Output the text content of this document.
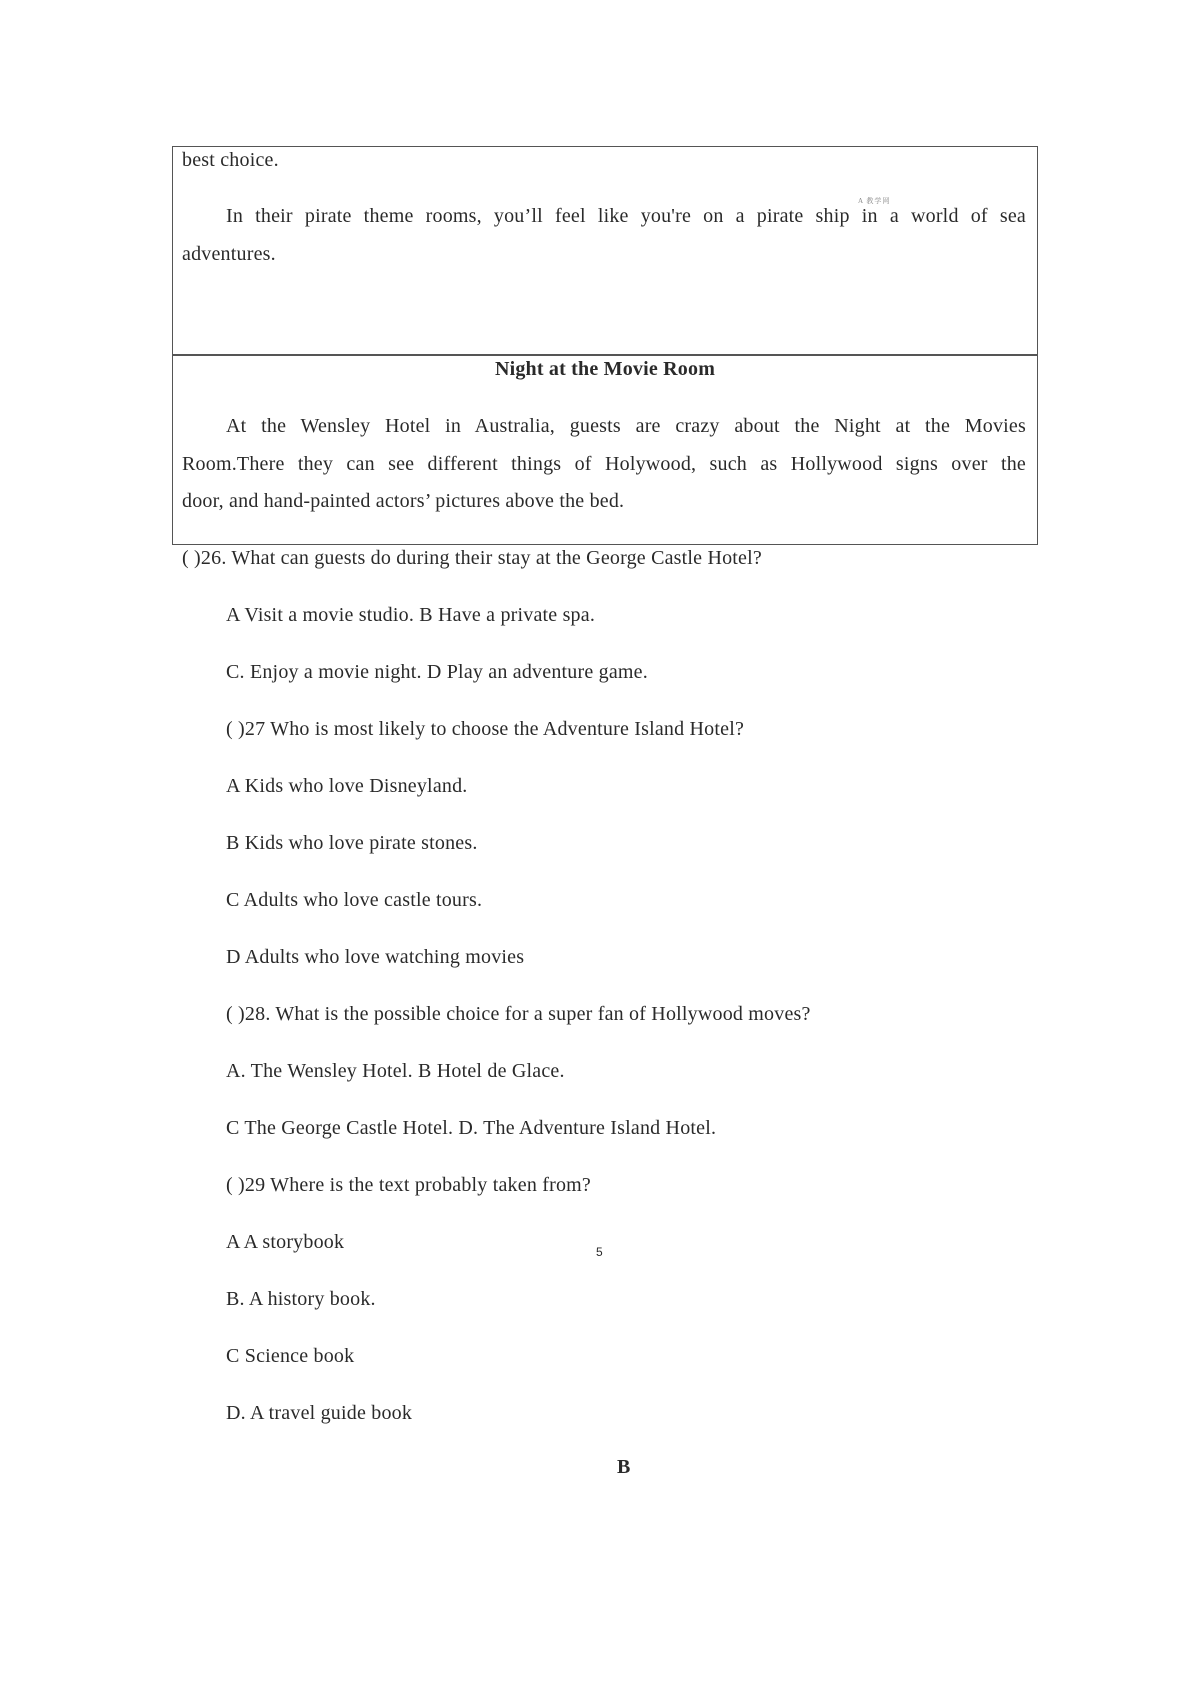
best choice.
A 教学网
In their pirate theme rooms, you’ll feel like you're on a pirate ship in a world of sea
adventures.
Night at the Movie Room
At the Wensley Hotel in Australia, guests are crazy about the Night at the Movies
Room.There they can see different things of Holywood, such as Hollywood signs over the
door, and hand-painted actors’ pictures above the bed.
( )26. What can guests do during their stay at the George Castle Hotel?
A Visit a movie studio. B Have a private spa.
C. Enjoy a movie night. D Play an adventure game.
( )27 Who is most likely to choose the Adventure Island Hotel?
A Kids who love Disneyland.
B Kids who love pirate stones.
C Adults who love castle tours.
D Adults who love watching movies
( )28. What is the possible choice for a super fan of Hollywood moves?
A. The Wensley Hotel. B Hotel de Glace.
C The George Castle Hotel. D. The Adventure Island Hotel.
( )29 Where is the text probably taken from?
A A storybook	5
B. A history book.
C Science book
D. A travel guide book
B
